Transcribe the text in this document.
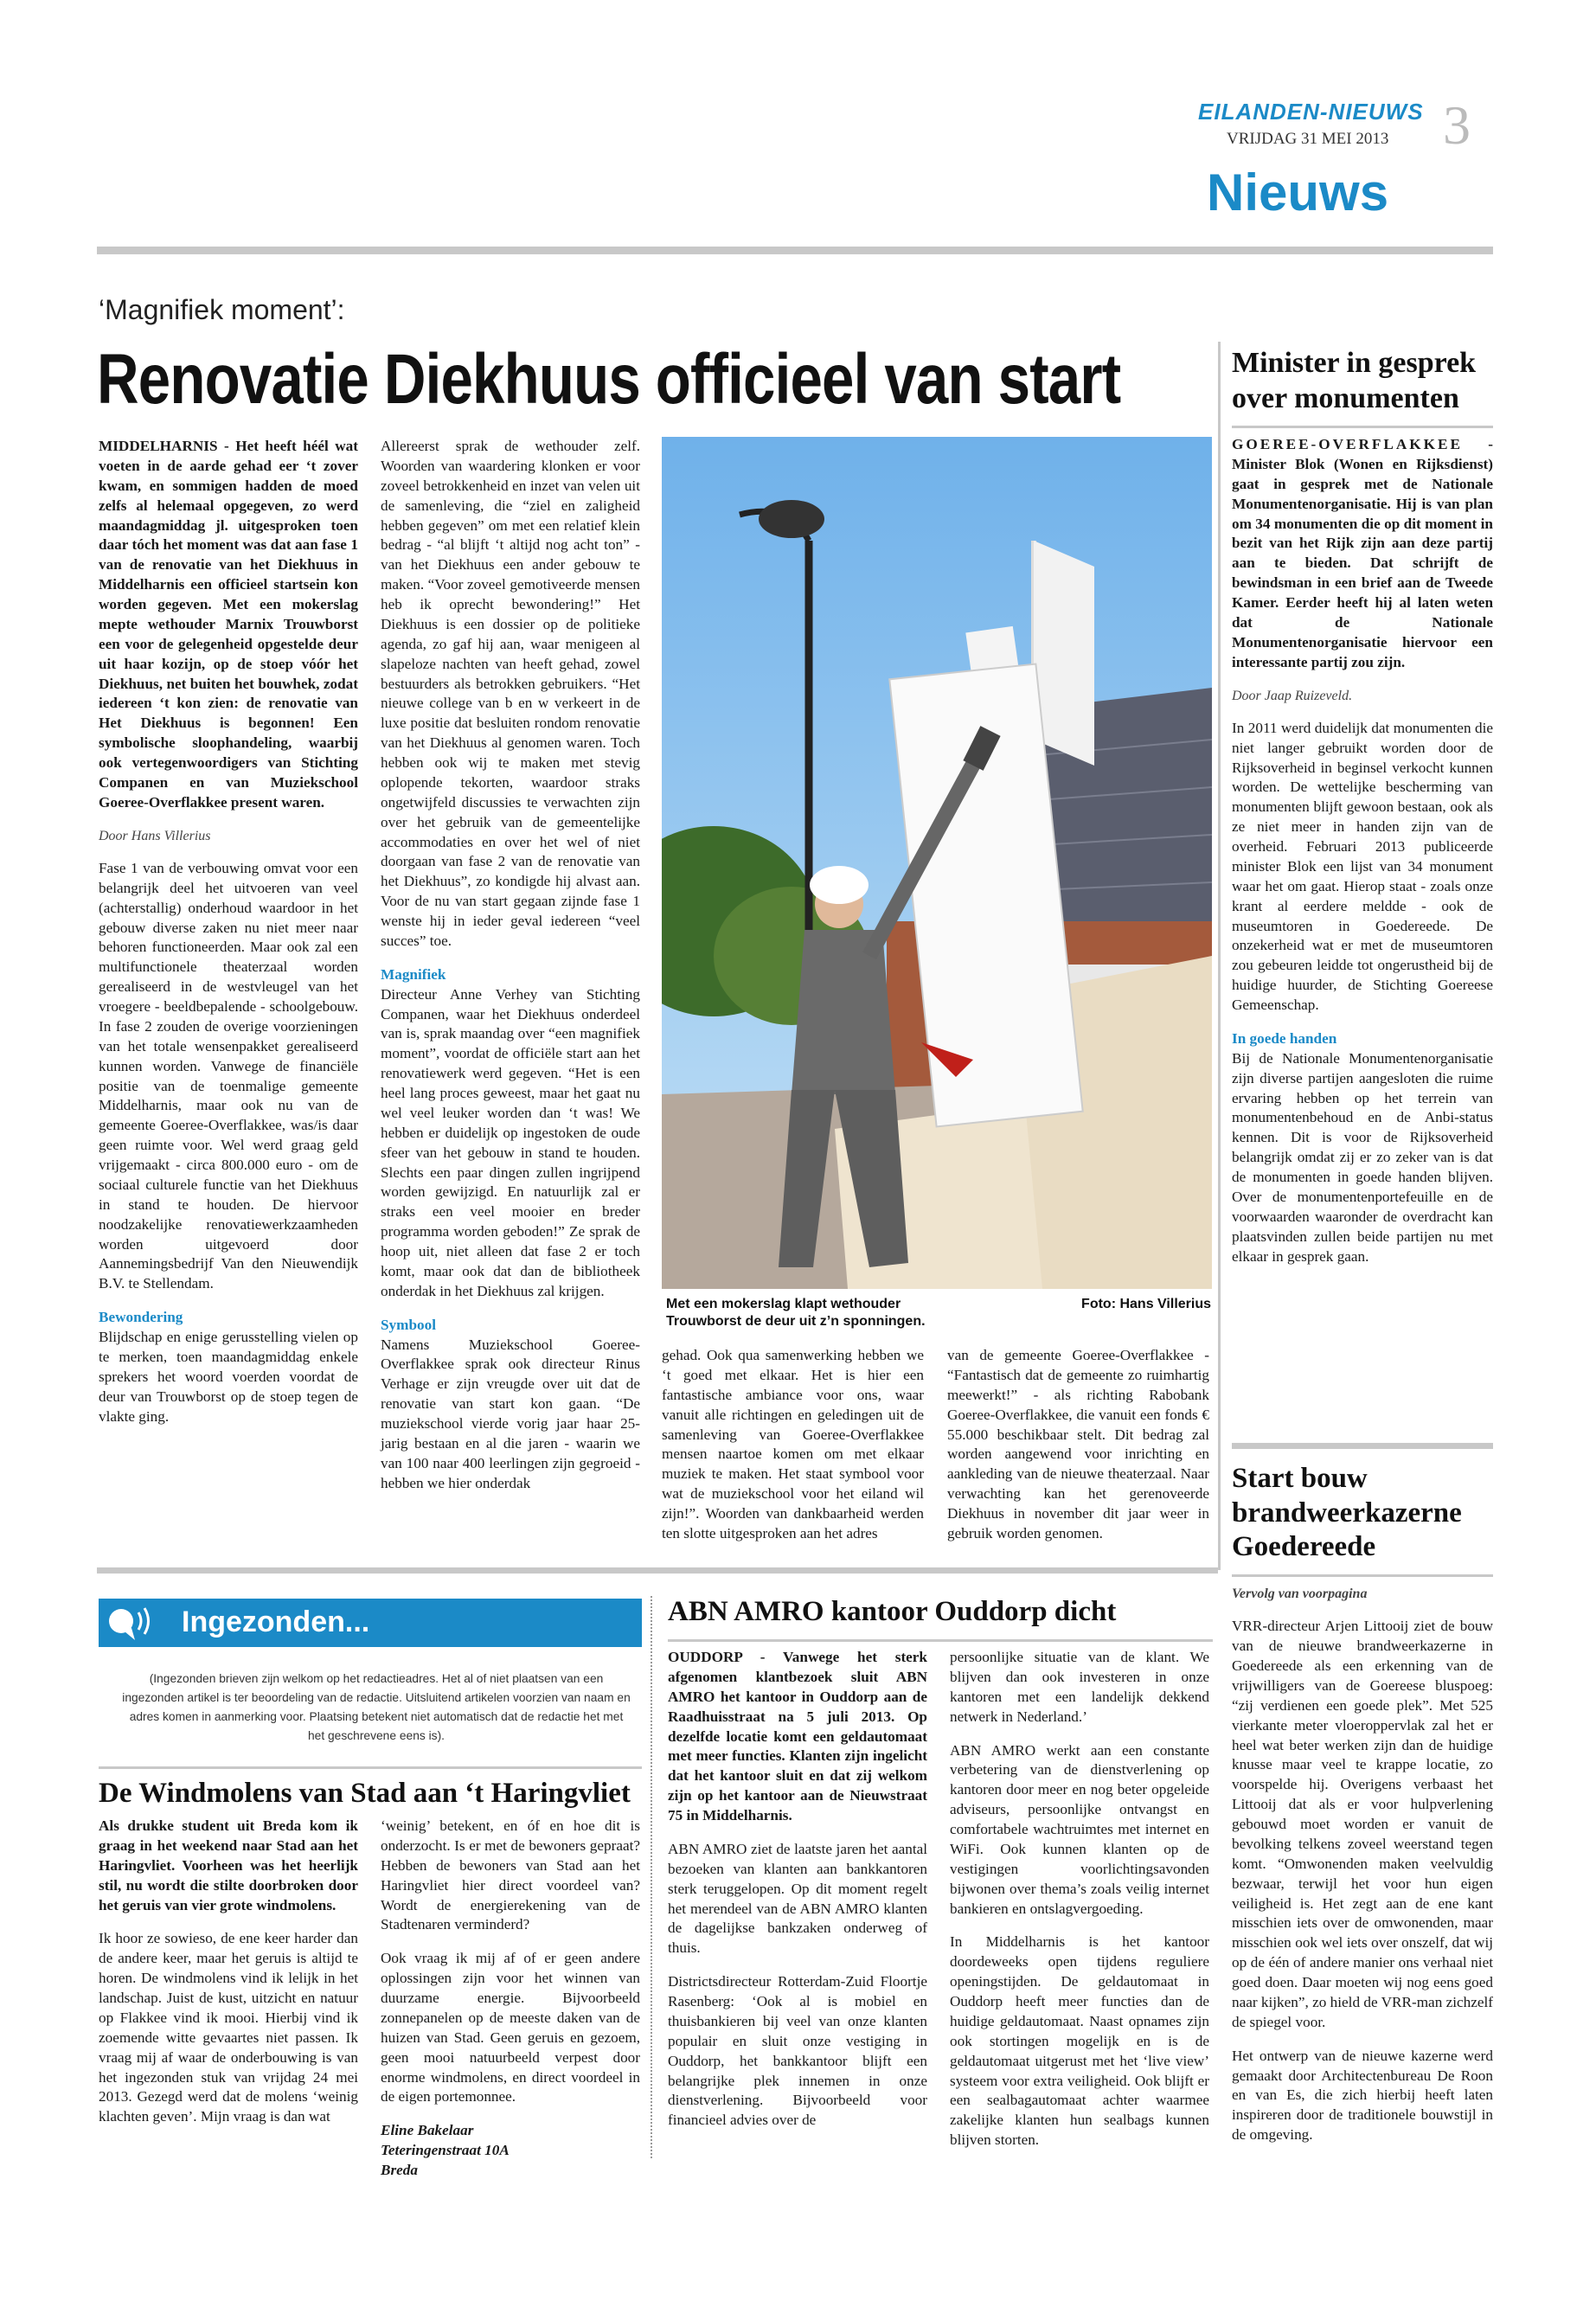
EILANDEN-NIEUWS
VRIJDAG 31 MEI 2013 3
Nieuws
‘Magnifiek moment’:
Renovatie Diekhuus officieel van start

MIDDELHARNIS - Het heeft héél wat voeten in de aarde gehad eer ‘t zover kwam, en sommigen hadden de moed zelfs al helemaal opgegeven, zo werd maandagmiddag jl. uitgesproken toen daar tóch het moment was dat aan fase 1 van de renovatie van het Diekhuus in Middelharnis een officieel startsein kon worden gegeven. Met een mokerslag mepte wethouder Marnix Trouwborst een voor de gelegenheid opgestelde deur uit haar kozijn, op de stoep vóór het Diekhuus, net buiten het bouwhek, zodat iedereen ‘t kon zien: de renovatie van Het Diekhuus is begonnen! Een symbolische sloophandeling, waarbij ook vertegenwoordigers van Stichting Companen en van Muziekschool Goeree-Overflakkee present waren.

Door Hans Villerius

Fase 1 van de verbouwing omvat voor een belangrijk deel het uitvoeren van veel (achterstallig) onderhoud waardoor in het gebouw diverse zaken nu niet meer naar behoren functioneerden. Maar ook zal een multifunctionele theaterzaal worden gerealiseerd in de westvleugel van het vroegere - beeldbepalende - schoolgebouw. In fase 2 zouden de overige voorzieningen van het totale wensenpakket gerealiseerd kunnen worden. Vanwege de financiële positie van de toenmalige gemeente Middelharnis, maar ook nu van de gemeente Goeree-Overflakkee, was/is daar geen ruimte voor. Wel werd graag geld vrijgemaakt - circa 800.000 euro - om de sociaal culturele functie van het Diekhuus in stand te houden. De hiervoor noodzakelijke renovatiewerkzaamheden worden uitgevoerd door Aannemingsbedrijf Van den Nieuwendijk B.V. te Stellendam.

Bewondering

Blijdschap en enige gerusstelling vielen op te merken, toen maandagmiddag enkele sprekers het woord voerden voordat de deur van Trouwborst op de stoep tegen de vlakte ging.

Allereerst sprak de wethouder zelf. Woorden van waardering klonken er voor zoveel betrokkenheid en inzet van velen uit de samenleving, die “ziel en zaligheid hebben gegeven” om met een relatief klein bedrag - “al blijft ‘t altijd nog acht ton” - van het Diekhuus een ander gebouw te maken. “Voor zoveel gemotiveerde mensen heb ik oprecht bewondering!” Het Diekhuus is een dossier op de politieke agenda, zo gaf hij aan, waar menigeen al slapeloze nachten van heeft gehad, zowel bestuurders als betrokken gebruikers. “Het nieuwe college van b en w verkeert in de luxe positie dat besluiten rondom renovatie van het Diekhuus al genomen waren. Toch hebben ook wij te maken met stevig oplopende tekorten, waardoor straks ongetwijfeld discussies te verwachten zijn over het gebruik van de gemeentelijke accommodaties en over het wel of niet doorgaan van fase 2 van de renovatie van het Diekhuus”, zo kondigde hij alvast aan. Voor de nu van start gegaan zijnde fase 1 wenste hij in ieder geval iedereen “veel succes” toe.

Magnifiek

Directeur Anne Verhey van Stichting Companen, waar het Diekhuus onderdeel van is, sprak maandag over “een magnifiek moment”, voordat de officiële start aan het renovatiewerk werd gegeven. “Het is een heel lang proces geweest, maar het gaat nu wel veel leuker worden dan ‘t was! We hebben er duidelijk op ingestoken de oude sfeer van het gebouw in stand te houden. Slechts een paar dingen zullen ingrijpend worden gewijzigd. En natuurlijk zal er straks een veel mooier en breder programma worden geboden!” Ze sprak de hoop uit, niet alleen dat fase 2 er toch komt, maar ook dat dan de bibliotheek onderdak in het Diekhuus zal krijgen.

Symbool

Namens Muziekschool Goeree-Overflakkee sprak ook directeur Rinus Verhage er zijn vreugde over uit dat de renovatie van start kon gaan. “De muziekschool vierde vorig jaar haar 25-jarig bestaan en al die jaren - waarin we van 100 naar 400 leerlingen zijn gegroeid - hebben we hier onderdak

Met een mokerslag klapt wethouder Trouwborst de deur uit z’n sponningen.
Foto: Hans Villerius

gehad. Ook qua samenwerking hebben we ‘t goed met elkaar. Het is hier een fantastische ambiance voor ons, waar vanuit alle richtingen en geledingen uit de samenleving van Goeree-Overflakkee mensen naartoe komen om met elkaar muziek te maken. Het staat symbool voor wat de muziekschool voor het eiland wil zijn!”. Woorden van dankbaarheid werden ten slotte uitgesproken aan het adres

van de gemeente Goeree-Overflakkee - “Fantastisch dat de gemeente zo ruimhartig meewerkt!” - als richting Rabobank Goeree-Overflakkee, die vanuit een fonds € 55.000 beschikbaar stelt. Dit bedrag zal worden aangewend voor inrichting en aankleding van de nieuwe theaterzaal. Naar verwachting kan het gerenoveerde Diekhuus in november dit jaar weer in gebruik worden genomen.

Minister in gesprek over monumenten

GOEREE-OVERFLAKKEE - Minister Blok (Wonen en Rijksdienst) gaat in gesprek met de Nationale Monumentenorganisatie. Hij is van plan om 34 monumenten die op dit moment in bezit van het Rijk zijn aan deze partij aan te bieden. Dat schrijft de bewindsman in een brief aan de Tweede Kamer. Eerder heeft hij al laten weten dat de Nationale Monumentenorganisatie hiervoor een interessante partij zou zijn.

Door Jaap Ruizeveld.

In 2011 werd duidelijk dat monumenten die niet langer gebruikt worden door de Rijksoverheid in beginsel verkocht kunnen worden. De wettelijke bescherming van monumenten blijft gewoon bestaan, ook als ze niet meer in handen zijn van de overheid. Februari 2013 publiceerde minister Blok een lijst van 34 monument waar het om gaat. Hierop staat - zoals onze krant al eerdere meldde - ook de museumtoren in Goedereede. De onzekerheid wat er met de museumtoren zou gebeuren leidde tot ongerustheid bij de huidige huurder, de Stichting Goereese Gemeenschap.

In goede handen

Bij de Nationale Monumentenorganisatie zijn diverse partijen aangesloten die ruime ervaring hebben op het terrein van monumentenbehoud en de Anbi-status kennen. Dit is voor de Rijksoverheid belangrijk omdat zij er zo zeker van is dat de monumenten in goede handen blijven. Over de monumentenportefeuille en de voorwaarden waaronder de overdracht kan plaatsvinden zullen beide partijen nu met elkaar in gesprek gaan.

Start bouw brandweerkazerne Goedereede

Vervolg van voorpagina

VRR-directeur Arjen Littooij ziet de bouw van de nieuwe brandweerkazerne in Goedereede als een erkenning van de vrijwilligers van de Goereese bluspoeg: “zij verdienen een goede plek”. Met 525 vierkante meter vloeroppervlak zal het er heel wat beter werken zijn dan de huidige knusse maar veel te krappe locatie, zo voorspelde hij. Overigens verbaast het Littooij dat als er voor hulpverlening gebouwd moet worden er vanuit de bevolking telkens zoveel weerstand tegen komt. “Omwonenden maken veelvuldig bezwaar, terwijl het voor hun eigen veiligheid is. Het zegt aan de ene kant misschien iets over de omwonenden, maar misschien ook wel iets over onszelf, dat wij op de één of andere manier ons verhaal niet goed doen. Daar moeten wij nog eens goed naar kijken”, zo hield de VRR-man zichzelf de spiegel voor.

Het ontwerp van de nieuwe kazerne werd gemaakt door Architectenbureau De Roon en van Es, die zich hierbij heeft laten inspireren door de traditionele bouwstijl in de omgeving.

Ingezonden...
(Ingezonden brieven zijn welkom op het redactieadres. Het al of niet plaatsen van een ingezonden artikel is ter beoordeling van de redactie. Uitsluitend artikelen voorzien van naam en adres komen in aanmerking voor. Plaatsing betekent niet automatisch dat de redactie het met het geschrevene eens is).
De Windmolens van Stad aan ‘t Haringvliet

Als drukke student uit Breda kom ik graag in het weekend naar Stad aan het Haringvliet. Voorheen was het heerlijk stil, nu wordt die stilte doorbroken door het geruis van vier grote windmolens.

Ik hoor ze sowieso, de ene keer harder dan de andere keer, maar het geruis is altijd te horen. De windmolens vind ik lelijk in het landschap. Juist de kust, uitzicht en natuur op Flakkee vind ik mooi. Hierbij vind ik zoemende witte gevaartes niet passen. Ik vraag mij af waar de onderbouwing is van het ingezonden stuk van vrijdag 24 mei 2013. Gezegd werd dat de molens ‘weinig klachten geven’. Mijn vraag is dan wat

‘weinig’ betekent, en óf en hoe dit is onderzocht. Is er met de bewoners gepraat? Hebben de bewoners van Stad aan het Haringvliet hier direct voordeel van? Wordt de energierekening van de Stadtenaren verminderd?

Ook vraag ik mij af of er geen andere oplossingen zijn voor het winnen van duurzame energie. Bijvoorbeeld zonnepanelen op de meeste daken van de huizen van Stad. Geen geruis en gezoem, geen mooi natuurbeeld verpest door enorme windmolens, en direct voordeel in de eigen portemonnee.

Eline Bakelaar

Teteringenstraat 10A

Breda

ABN AMRO kantoor Ouddorp dicht

OUDDORP - Vanwege het sterk afgenomen klantbezoek sluit ABN AMRO het kantoor in Ouddorp aan de Raadhuisstraat na 5 juli 2013. Op dezelfde locatie komt een geldautomaat met meer functies. Klanten zijn ingelicht dat het kantoor sluit en dat zij welkom zijn op het kantoor aan de Nieuwstraat 75 in Middelharnis.

ABN AMRO ziet de laatste jaren het aantal bezoeken van klanten aan bankkantoren sterk teruggelopen. Op dit moment regelt het merendeel van de ABN AMRO klanten de dagelijkse bankzaken onderweg of thuis.

Districtsdirecteur Rotterdam-Zuid Floortje Rasenberg: ‘Ook al is mobiel en thuisbankieren bij veel van onze klanten populair en sluit onze vestiging in Ouddorp, het bankkantoor blijft een belangrijke plek innemen in onze dienstverlening. Bijvoorbeeld voor financieel advies over de

persoonlijke situatie van de klant. We blijven dan ook investeren in onze kantoren met een landelijk dekkend netwerk in Nederland.’

ABN AMRO werkt aan een constante verbetering van de dienstverlening op kantoren door meer en nog beter opgeleide adviseurs, persoonlijke ontvangst en comfortabele wachtruimtes met internet en WiFi. Ook kunnen klanten op de vestigingen voorlichtingsavonden bijwonen over thema’s zoals veilig internet bankieren en ontslagvergoeding.

In Middelharnis is het kantoor doordeweeks open tijdens reguliere openingstijden. De geldautomaat in Ouddorp heeft meer functies dan de huidige geldautomaat. Naast opnames zijn ook stortingen mogelijk en is de geldautomaat uitgerust met het ‘live view’ systeem voor extra veiligheid. Ook blijft er een sealbagautomaat achter waarmee zakelijke klanten hun sealbags kunnen blijven storten.
